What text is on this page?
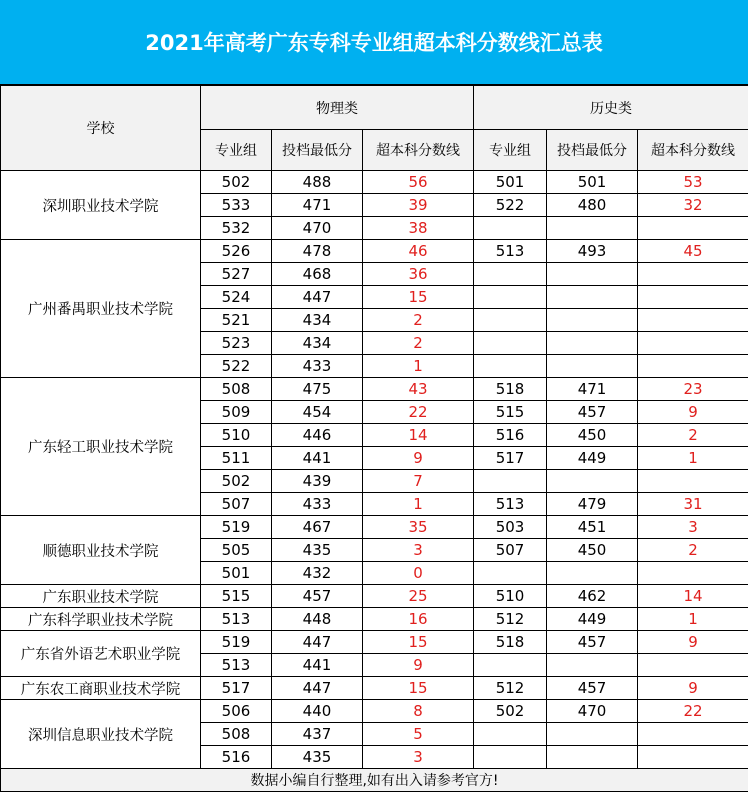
2021年高考广东专科专业组超本科分数线汇总表
学校	物理类			历史类		
	专业组	投档最低分	超本科分数线	专业组	投档最低分	超本科分数线
深圳职业技术学院	502	488	56	501	501	53
	533	471	39	522	480	32
	532	470	38			
广州番禺职业技术学院	526	478	46	513	493	45
	527	468	36			
	524	447	15			
	521	434	2			
	523	434	2			
	522	433	1			
广东轻工职业技术学院	508	475	43	518	471	23
	509	454	22	515	457	9
	510	446	14	516	450	2
	511	441	9	517	449	1
	502	439	7			
	507	433	1	513	479	31
顺德职业技术学院	519	467	35	503	451	3
	505	435	3	507	450	2
	501	432	0			
广东职业技术学院	515	457	25	510	462	14
广东科学职业技术学院	513	448	16	512	449	1
广东省外语艺术职业学院	519	447	15	518	457	9
	513	441	9			
广东农工商职业技术学院	517	447	15	512	457	9
深圳信息职业技术学院	506	440	8	502	470	22
	508	437	5			
	516	435	3			
数据小编自行整理,如有出入请参考官方!						
